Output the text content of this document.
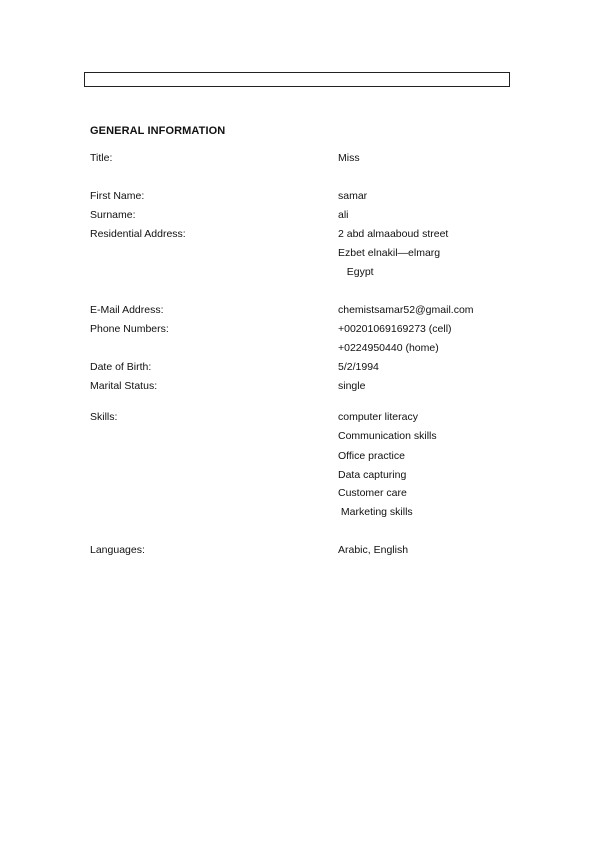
GENERAL INFORMATION
Title:	Miss
First Name:	samar
Surname:	ali
Residential Address:	2 abd almaaboud street
Ezbet elnakil—elmarg
Egypt
E-Mail Address:	chemistsamar52@gmail.com
Phone Numbers:	+00201069169273 (cell)
+0224950440 (home)
Date of Birth:	5/2/1994
Marital Status:	single
Skills:	computer literacy
Communication skills
Office practice
Data capturing
Customer care
Marketing skills
Languages:	Arabic, English
